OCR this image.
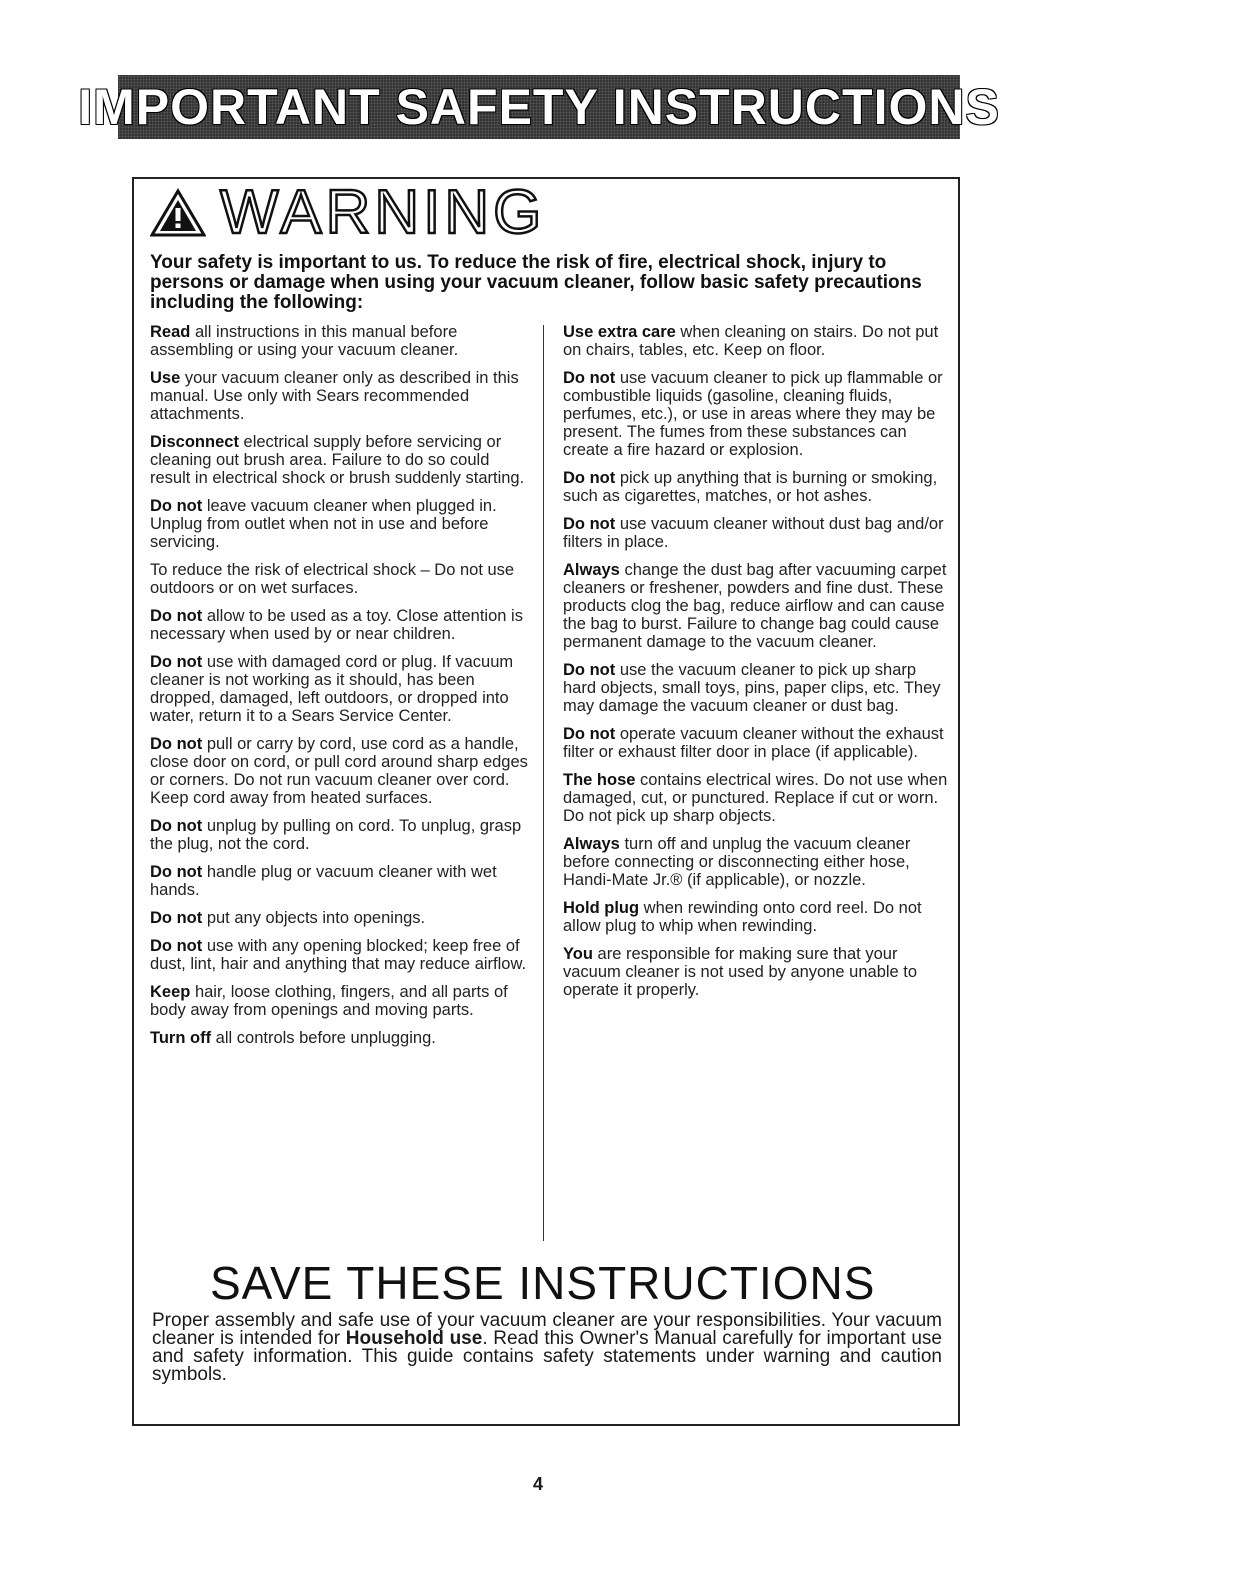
IMPORTANT SAFETY INSTRUCTIONS
WARNING
Your safety is important to us. To reduce the risk of fire, electrical shock, injury to persons or damage when using your vacuum cleaner, follow basic safety precautions including the following:

Read all instructions in this manual before assembling or using your vacuum cleaner.

Use your vacuum cleaner only as described in this manual. Use only with Sears recommended attachments.

Disconnect electrical supply before servicing or cleaning out brush area. Failure to do so could result in electrical shock or brush suddenly starting.

Do not leave vacuum cleaner when plugged in. Unplug from outlet when not in use and before servicing.

To reduce the risk of electrical shock – Do not use outdoors or on wet surfaces.

Do not allow to be used as a toy. Close attention is necessary when used by or near children.

Do not use with damaged cord or plug. If vacuum cleaner is not working as it should, has been dropped, damaged, left outdoors, or dropped into water, return it to a Sears Service Center.

Do not pull or carry by cord, use cord as a handle, close door on cord, or pull cord around sharp edges or corners. Do not run vacuum cleaner over cord. Keep cord away from heated surfaces.

Do not unplug by pulling on cord. To unplug, grasp the plug, not the cord.

Do not handle plug or vacuum cleaner with wet hands.

Do not put any objects into openings.

Do not use with any opening blocked; keep free of dust, lint, hair and anything that may reduce airflow.

Keep hair, loose clothing, fingers, and all parts of body away from openings and moving parts.

Turn off all controls before unplugging.

Use extra care when cleaning on stairs. Do not put on chairs, tables, etc. Keep on floor.

Do not use vacuum cleaner to pick up flammable or combustible liquids (gasoline, cleaning fluids, perfumes, etc.), or use in areas where they may be present. The fumes from these substances can create a fire hazard or explosion.

Do not pick up anything that is burning or smoking, such as cigarettes, matches, or hot ashes.

Do not use vacuum cleaner without dust bag and/or filters in place.

Always change the dust bag after vacuuming carpet cleaners or freshener, powders and fine dust. These products clog the bag, reduce airflow and can cause the bag to burst. Failure to change bag could cause permanent damage to the vacuum cleaner.

Do not use the vacuum cleaner to pick up sharp hard objects, small toys, pins, paper clips, etc. They may damage the vacuum cleaner or dust bag.

Do not operate vacuum cleaner without the exhaust filter or exhaust filter door in place (if applicable).

The hose contains electrical wires. Do not use when damaged, cut, or punctured. Replace if cut or worn. Do not pick up sharp objects.

Always turn off and unplug the vacuum cleaner before connecting or disconnecting either hose, Handi-Mate Jr.® (if applicable), or nozzle.

Hold plug when rewinding onto cord reel. Do not allow plug to whip when rewinding.

You are responsible for making sure that your vacuum cleaner is not used by anyone unable to operate it properly.

SAVE THESE INSTRUCTIONS
Proper assembly and safe use of your vacuum cleaner are your responsibilities. Your vacuum cleaner is intended for Household use. Read this Owner's Manual carefully for important use and safety information. This guide contains safety statements under warning and caution symbols.
4
